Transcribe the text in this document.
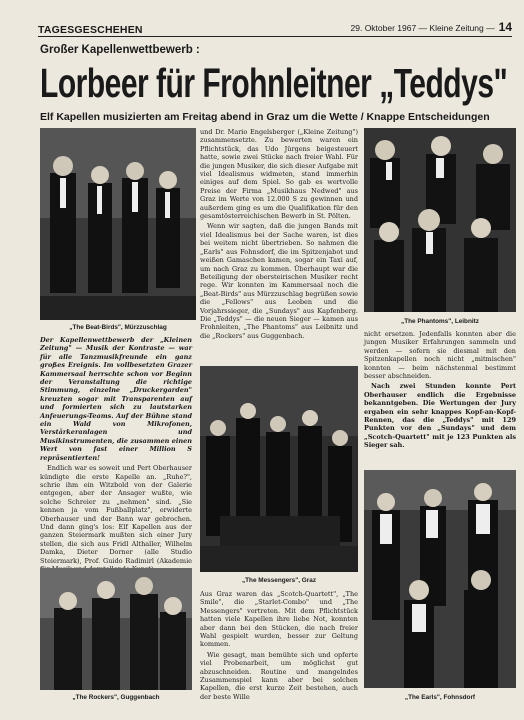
TAGESGESCHEHEN	29. Oktober 1967 — Kleine Zeitung — 14
Großer Kapellenwettbewerb :
Lorbeer für Frohnleitner „Teddys"
Elf Kapellen musizierten am Freitag abend in Graz um die Wette / Knappe Entscheidungen
„The Beat-Birds", Mürzzuschlag

Der Kapellenwettbewerb der „Kleinen Zeitung" — Musik der Kontraste — war für alle Tanzmusikfreunde ein ganz großes Ereignis. Im vollbesetzten Grazer Kammersaal herrschte schon vor Beginn der Veranstaltung die richtige Stimmung, einzelne „Druckergarden" kreuzten sogar mit Transparenten auf und formierten sich zu lautstarken Anfeuerungs-Teams. Auf der Bühne stand ein Wald von Mikrofonen, Verstärkeranlagen und Musikinstrumenten, die zusammen einen Wert von fast einer Million S repräsentierten!

Endlich war es soweit und Pert Oberhauser kündigte die erste Kapelle an. „Ruhe?", schrie ihm ein Witzbold von der Galerie entgegen, aber der Ansager wußte, wie solche Schreier zu „nehmen" sind. „Sie kennen ja vom Fußballplatz", erwiderte Oberhauser und der Bann war gebrochen. Und dann ging's los: Elf Kapellen aus der ganzen Steiermark mußten sich einer Jury stellen, die sich aus Fridl Althaller, Wilhelm Damka, Dieter Dorner (alle Studio Steiermark), Prof. Guido Radimirl (Akademie

„The Rockers", Guggenbach

und Dr. Mario Engelsberger („Kleine Zeitung") zusammensetzte. Zu bewerten waren ein Pflichtstück, das Udo Jürgens beigesteuert hatte, sowie zwei Stücke nach freier Wahl. Für die jungen Musiker, die sich dieser Aufgabe mit viel Idealismus widmeten, stand immerhin einiges auf dem Spiel. So gab es wertvolle Preise der Firma „Musikhaus Nedwed" aus Graz im Werte von 12.000 S zu gewinnen und außerdem ging es um die Qualifikation für den gesamtösterreichischen Bewerb in St. Pölten.

Wenn wir sagten, daß die jungen Bands mit viel Idealismus bei der Sache waren, ist dies bei weitem nicht übertrieben. So nahmen die „Earls" aus Fohnsdorf, die im Spitzenjabot und weißen Gamaschen kamen, sogar ein Taxi auf, um nach Graz zu kommen. Überhaupt war die Beteiligung der obersteirischen Musiker recht rege. Wir konnten im Kammersaal noch die „Beat-Birds" aus Mürzzuschlag begrüßen sowie die „Fellows" aus Leoben und die Vorjahrssieger, die „Sundays" aus Kapfenberg. Die „Teddys" — die neuen Sieger — kamen aus Frohnleiten, „The Phantoms" aus Leibnitz und die „Rockers" aus Guggenbach.

„The Messengers", Graz

Aus Graz waren das „Scotch-Quartett", „The Smile", die „Starlet-Combo" und „The Messengers" vertreten. Mit dem Pflichtstück hatten viele Kapellen ihre liebe Not, konnten aber dann bei den Stücken, die nach freier Wahl gespielt wurden, besser zur Geltung kommen.

Wie gesagt, man bemühte sich und opferte viel Probenarbeit, um möglichst gut abzuschneiden. Routine und mangelndes Zusammenspiel kann aber bei solchen Kapellen, die erst kurze Zeit bestehen, auch der beste Wille

„The Phantoms", Leibnitz

nicht ersetzen. Jedenfalls konnten aber die jungen Musiker Erfahrungen sammeln und werden — sofern sie diesmal mit den Spitzenkapellen noch nicht „mitmischen" konnten — beim nächstenmal bestimmt besser abschneiden.

Nach zwei Stunden konnte Pert Oberhauser endlich die Ergebnisse bekanntgeben. Die Wertungen der Jury ergaben ein sehr knappes Kopf-an-Kopf-Rennen, das die „Teddys" mit 129 Punkten vor den „Sundays" und dem „Scotch-Quartett" mit je 123 Punkten als Sieger sah.

„The Earls", Fohnsdorf
